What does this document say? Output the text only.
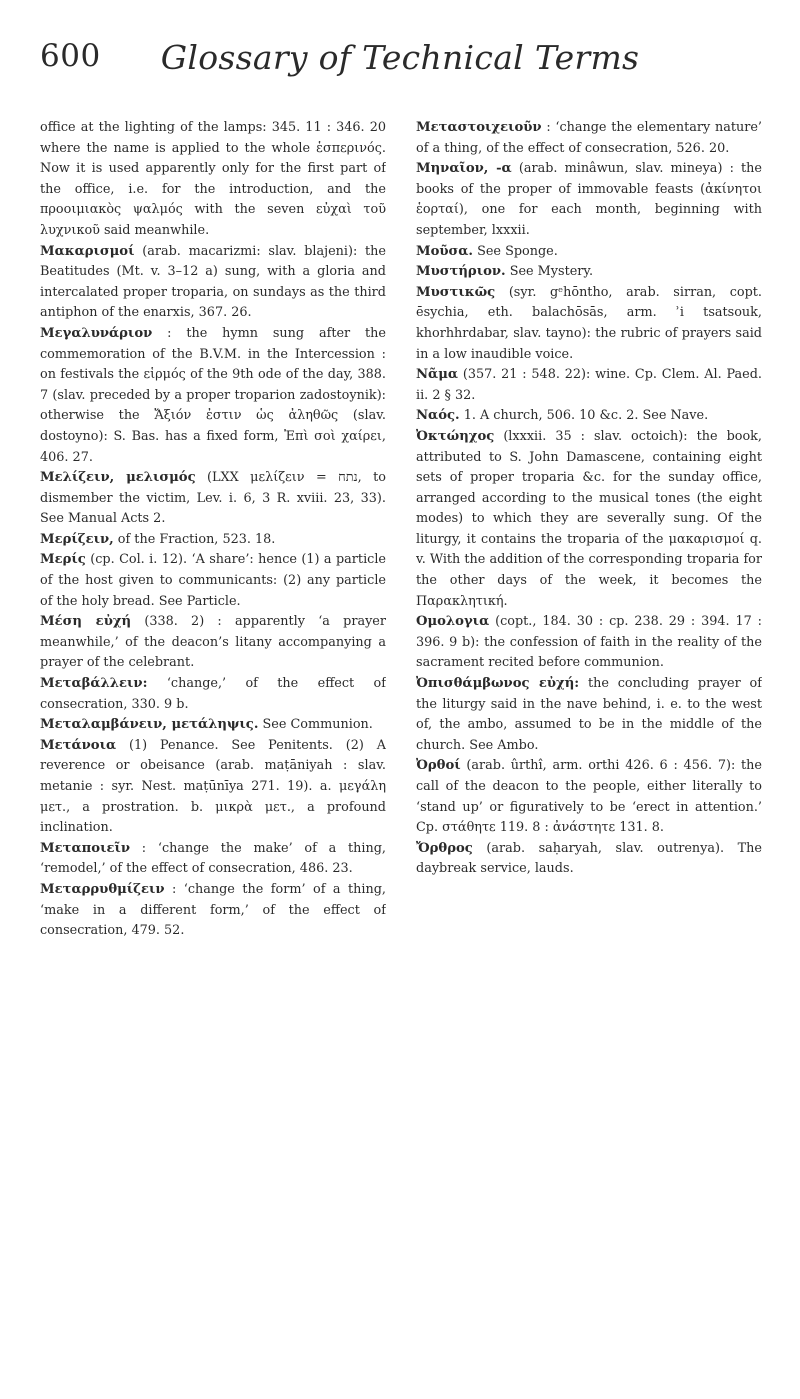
600	Glossary of Technical Terms

office at the lighting of the lamps: 345. 11 : 346. 20 where the name is applied to the whole ἑσπερινός. Now it is used apparently only for the first part of the office, i.e. for the introduction, and the προοιμιακὸς ψαλμός with the seven εὐχαὶ τοῦ λυχνικοῦ said meanwhile.

Μακαρισμοί (arab. macarizmi: slav. blajeni): the Beatitudes (Mt. v. 3–12 a) sung, with a gloria and intercalated proper troparia, on sundays as the third antiphon of the enarxis, 367. 26.

Μεγαλυνάριον : the hymn sung after the commemoration of the B.V.M. in the Intercession : on festivals the εἱρμός of the 9th ode of the day, 388. 7 (slav. preceded by a proper troparion zadostoynik): otherwise the Ἄξιόν ἐστιν ὡς ἀληθῶς (slav. dostoyno): S. Bas. has a fixed form, Ἐπὶ σοὶ χαίρει, 406. 27.

Μελίζειν, μελισμός (LXX μελίζειν = נתח, to dismember the victim, Lev. i. 6, 3 R. xviii. 23, 33). See Manual Acts 2.

Μερίζειν, of the Fraction, 523. 18.

Μερίς (cp. Col. i. 12). ‘A share’: hence (1) a particle of the host given to communicants: (2) any particle of the holy bread. See Particle.

Μέση εὐχή (338. 2) : apparently ‘a prayer meanwhile,’ of the deacon’s litany accompanying a prayer of the celebrant.

Μεταβάλλειν: ‘change,’ of the effect of consecration, 330. 9 b.

Μεταλαμβάνειν, μετάληψις. See Communion.

Μετάνοια (1) Penance. See Penitents. (2) A reverence or obeisance (arab. maṭāniyah : slav. metanie : syr. Nest. maṭūnīya 271. 19). a. μεγάλη μετ., a prostration. b. μικρὰ μετ., a profound inclination.

Μεταποιεῖν : ‘change the make’ of a thing, ‘remodel,’ of the effect of consecration, 486. 23.

Μεταρρυθμίζειν : ‘change the form’ of a thing, ‘make in a different form,’ of the effect of consecration, 479. 52.

Μεταστοιχειοῦν : ‘change the elementary nature’ of a thing, of the effect of consecration, 526. 20.

Μηναῖον, -α (arab. minâwun, slav. mineya) : the books of the proper of immovable feasts (ἀκίνητοι ἑορταί), one for each month, beginning with september, lxxxii.

Μοῦσα. See Sponge.

Μυστήριον. See Mystery.

Μυστικῶς (syr. gᵉhōntho, arab. sirran, copt. ēsychia, eth. balachōsās, arm. ʾi tsatsouk, khorhhrdabar, slav. tayno): the rubric of prayers said in a low inaudible voice.

Νᾶμα (357. 21 : 548. 22): wine. Cp. Clem. Al. Paed. ii. 2 § 32.

Ναός. 1. A church, 506. 10 &c. 2. See Nave.

Ὀκτώηχος (lxxxii. 35 : slav. octoich): the book, attributed to S. John Damascene, containing eight sets of proper troparia &c. for the sunday office, arranged according to the musical tones (the eight modes) to which they are severally sung. Of the liturgy, it contains the troparia of the μακαρισμοί q. v. With the addition of the corresponding troparia for the other days of the week, it becomes the Παρακλητική.

Ομολογια (copt., 184. 30 : cp. 238. 29 : 394. 17 : 396. 9 b): the confession of faith in the reality of the sacrament recited before communion.

Ὀπισθάμβωνος εὐχή: the concluding prayer of the liturgy said in the nave behind, i. e. to the west of, the ambo, assumed to be in the middle of the church. See Ambo.

Ὀρθοί (arab. ûrthî, arm. orthi 426. 6 : 456. 7): the call of the deacon to the people, either literally to ‘stand up’ or figuratively to be ‘erect in attention.’ Cp. στάθητε 119. 8 : ἀνάστητε 131. 8.

Ὄρθρος (arab. saḥaryah, slav. outrenya). The daybreak service, lauds.
